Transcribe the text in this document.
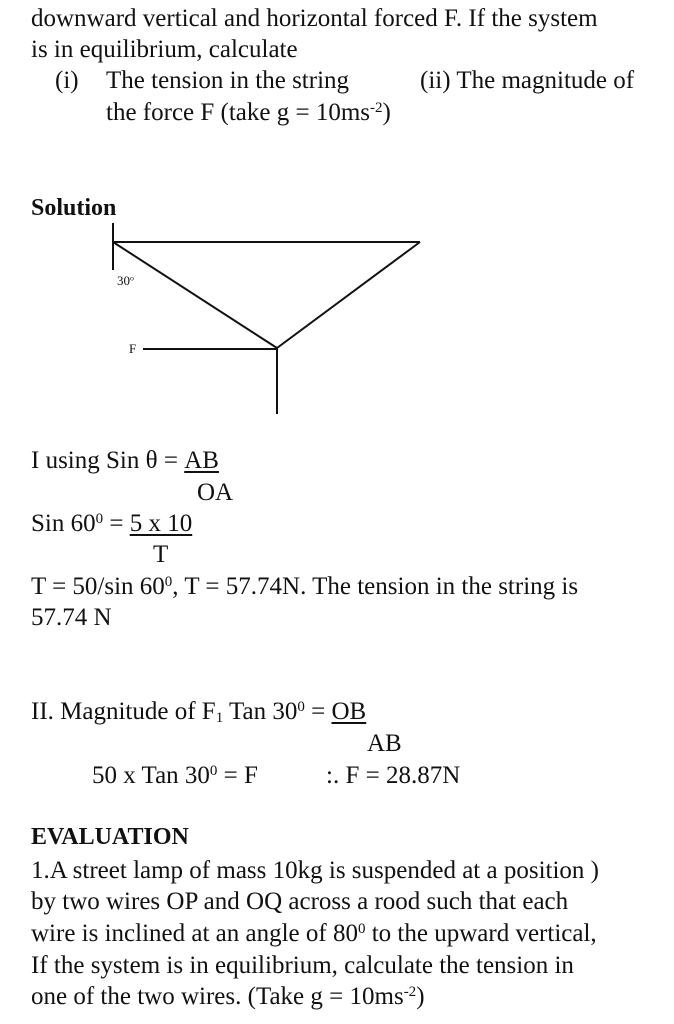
downward vertical and horizontal forced F. If the system
is in equilibrium, calculate
(i) The tension in the string	(ii) The magnitude of
the force F (take $g = 10ms^{-2}$)
Solution
30$^o$
F
I using Sin θ = AB
OA
Sin $60^0 = 5$ x 10
T
T = 50/sin $60^0$, T = 57.74N. The tension in the string is
57.74 N
II. Magnitude of $F_1$ Tan $30^0$ = OB
AB
50 x Tan $30^0 = F$	:. F = 28.87N
EVALUATION
1.A street lamp of mass 10kg is suspended at a position )
by two wires OP and OQ across a rood such that each
wire is inclined at an angle of $80^0$ to the upward vertical,
If the system is in equilibrium, calculate the tension in
one of the two wires. (Take $g = 10ms^{-2}$)
